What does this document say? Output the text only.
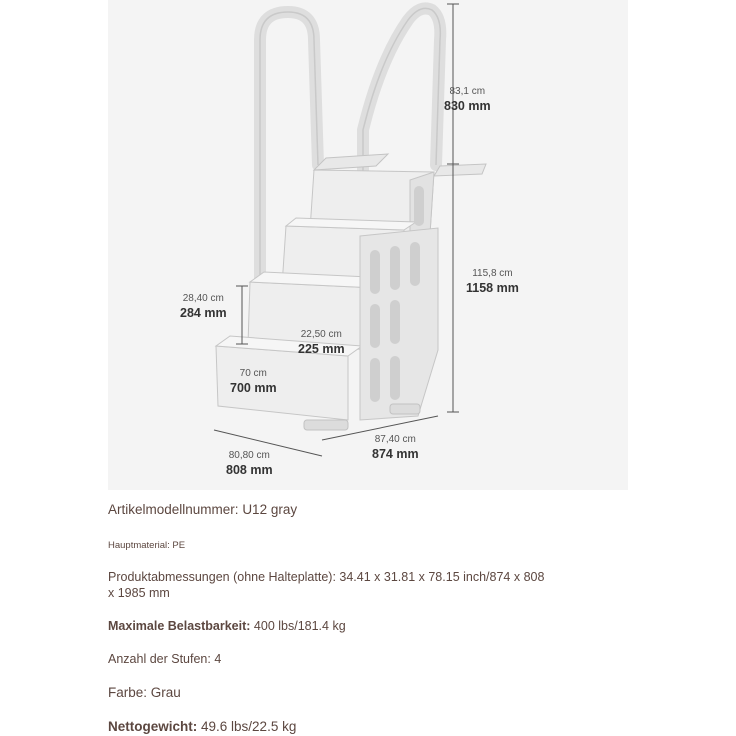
83,1 cm
830 mm
115,8 cm
1158 mm
28,40 cm
284 mm
22,50 cm
225 mm
70 cm
700 mm
80,80 cm
808 mm
87,40 cm
874 mm
Artikelmodellnummer: U12 gray
Hauptmaterial: PE
Produktabmessungen (ohne Halteplatte): 34.41 x 31.81 x 78.15 inch/874 x 808
x 1985 mm
Maximale Belastbarkeit: 400 lbs/181.4 kg
Anzahl der Stufen: 4
Farbe: Grau
Nettogewicht: 49.6 lbs/22.5 kg
